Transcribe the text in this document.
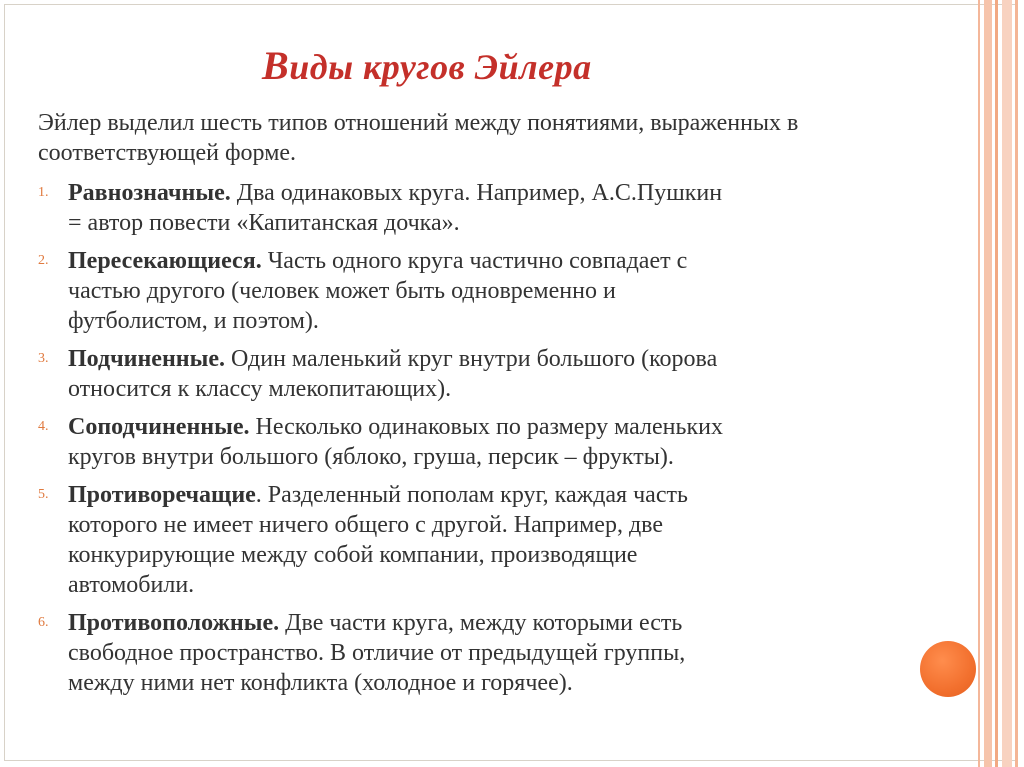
Виды кругов Эйлера

Эйлер выделил шесть типов отношений между понятиями, выраженных в соответствующей форме.

1. Равнозначные. Два одинаковых круга. Например, А.С.Пушкин
= автор повести «Капитанская дочка».
2. Пересекающиеся. Часть одного круга частично совпадает с
частью другого (человек может быть одновременно и
футболистом, и поэтом).
3. Подчиненные. Один маленький круг внутри большого (корова
относится к классу млекопитающих).
4. Соподчиненные. Несколько одинаковых по размеру маленьких
кругов внутри большого (яблоко, груша, персик – фрукты).
5. Противоречащие. Разделенный пополам круг, каждая часть
которого не имеет ничего общего с другой. Например, две
конкурирующие между собой компании, производящие
автомобили.
6. Противоположные. Две части круга, между которыми есть
свободное пространство. В отличие от предыдущей группы,
между ними нет конфликта (холодное и горячее).
